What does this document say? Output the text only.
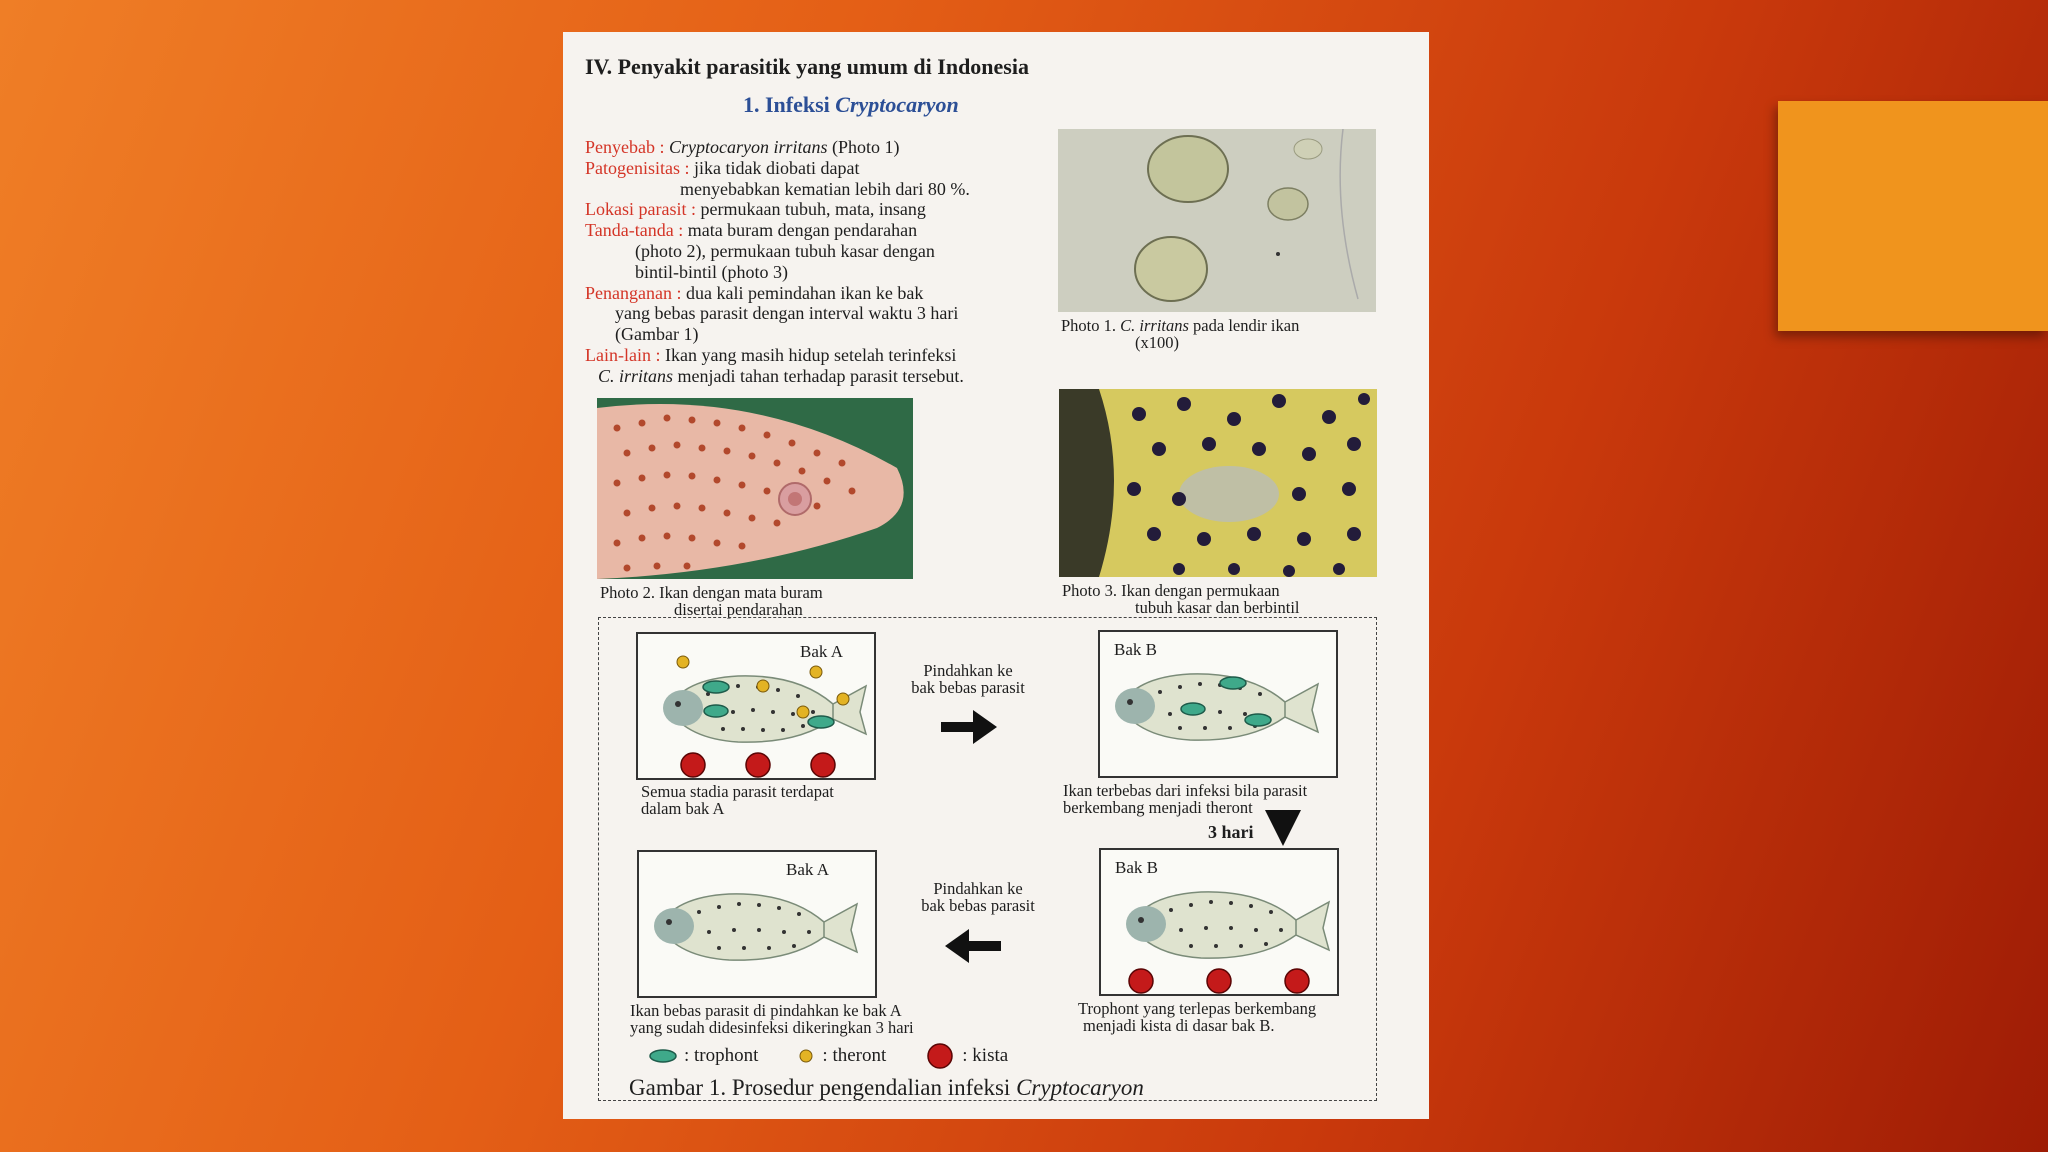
IV. Penyakit parasitik yang umum di Indonesia
1. Infeksi Cryptocaryon

Penyebab : Cryptocaryon irritans (Photo 1)

Patogenisitas : jika tidak diobati dapat

menyebabkan kematian lebih dari 80 %.

Lokasi parasit : permukaan tubuh, mata, insang

Tanda-tanda : mata buram dengan pendarahan

(photo 2), permukaan tubuh kasar dengan

bintil-bintil (photo 3)

Penanganan : dua kali pemindahan ikan ke bak

yang bebas parasit dengan interval waktu 3 hari

(Gambar 1)

Lain-lain : Ikan yang masih hidup setelah terinfeksi

C. irritans menjadi tahan terhadap parasit tersebut.

Photo 1. C. irritans pada lendir ikan

(x100)

Photo 2. Ikan dengan mata buram

disertai pendarahan

Photo 3. Ikan dengan permukaan

tubuh kasar dan berbintil

Bak A

Semua stadia parasit terdapat

dalam bak A

Pindahkan ke
bak bebas parasit
Bak B

Ikan terbebas dari infeksi bila parasit

berkembang menjadi theront

3 hari
Bak A

Ikan bebas parasit di pindahkan ke bak A

yang sudah didesinfeksi dikeringkan 3 hari

Pindahkan ke
bak bebas parasit
Bak B

Trophont yang terlepas berkembang

menjadi kista di dasar bak B.

: trophont	: theront	: kista
Gambar 1. Prosedur pengendalian infeksi Cryptocaryon
